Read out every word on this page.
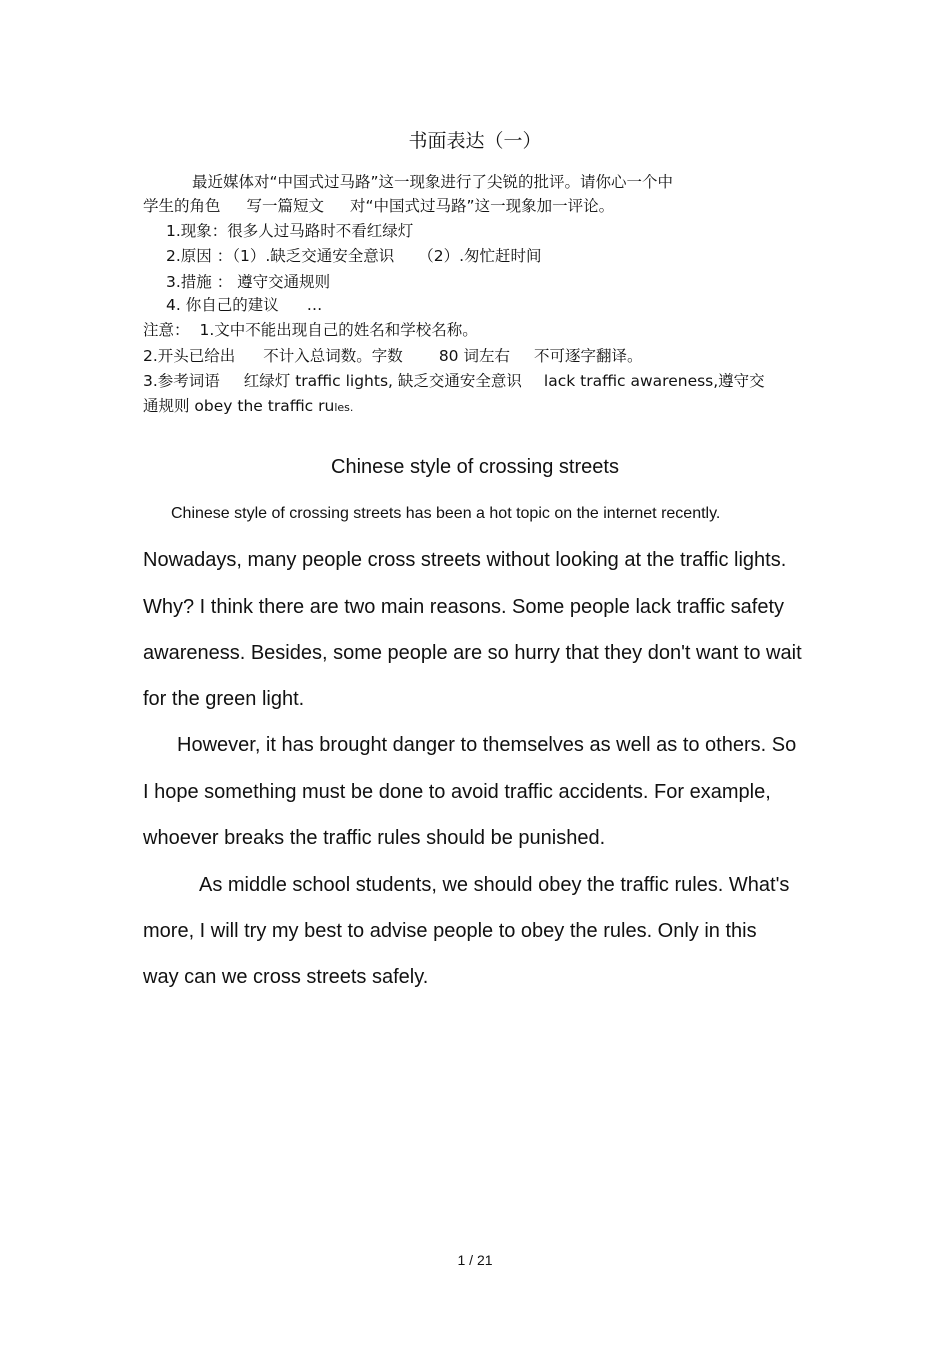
书面表达（一）
最近媒体对“中国式过马路”这一现象进行了尖锐的批评。请你心一个中
学生的角色 写一篇短文 对“中国式过马路”这一现象加一评论。
1.现象：很多人过马路时不看红绿灯
2.原因 ：（1）.缺乏交通安全意识 （2）.匆忙赶时间
3.措施 ： 遵守交通规则
4. 你自己的建议 …
注意： 1.文中不能出现自己的姓名和学校名称。
2.开头已给出 不计入总词数。字数 80 词左右 不可逐字翻译。
3.参考词语 红绿灯 traffic lights, 缺乏交通安全意识 lack traffic awareness,遵守交
通规则 obey the traffic rules.
Chinese style of crossing streets
Chinese style of crossing streets has been a hot topic on the internet recently.
Nowadays, many people cross streets without looking at the traffic lights.
Why? I think there are two main reasons. Some people lack traffic safety
awareness. Besides, some people are so hurry that they don't want to wait
for the green light.
However, it has brought danger to themselves as well as to others. So
I hope something must be done to avoid traffic accidents. For example,
whoever breaks the traffic rules should be punished.
As middle school students, we should obey the traffic rules. What's
more, I will try my best to advise people to obey the rules. Only in this
way can we cross streets safely.
1 / 21
